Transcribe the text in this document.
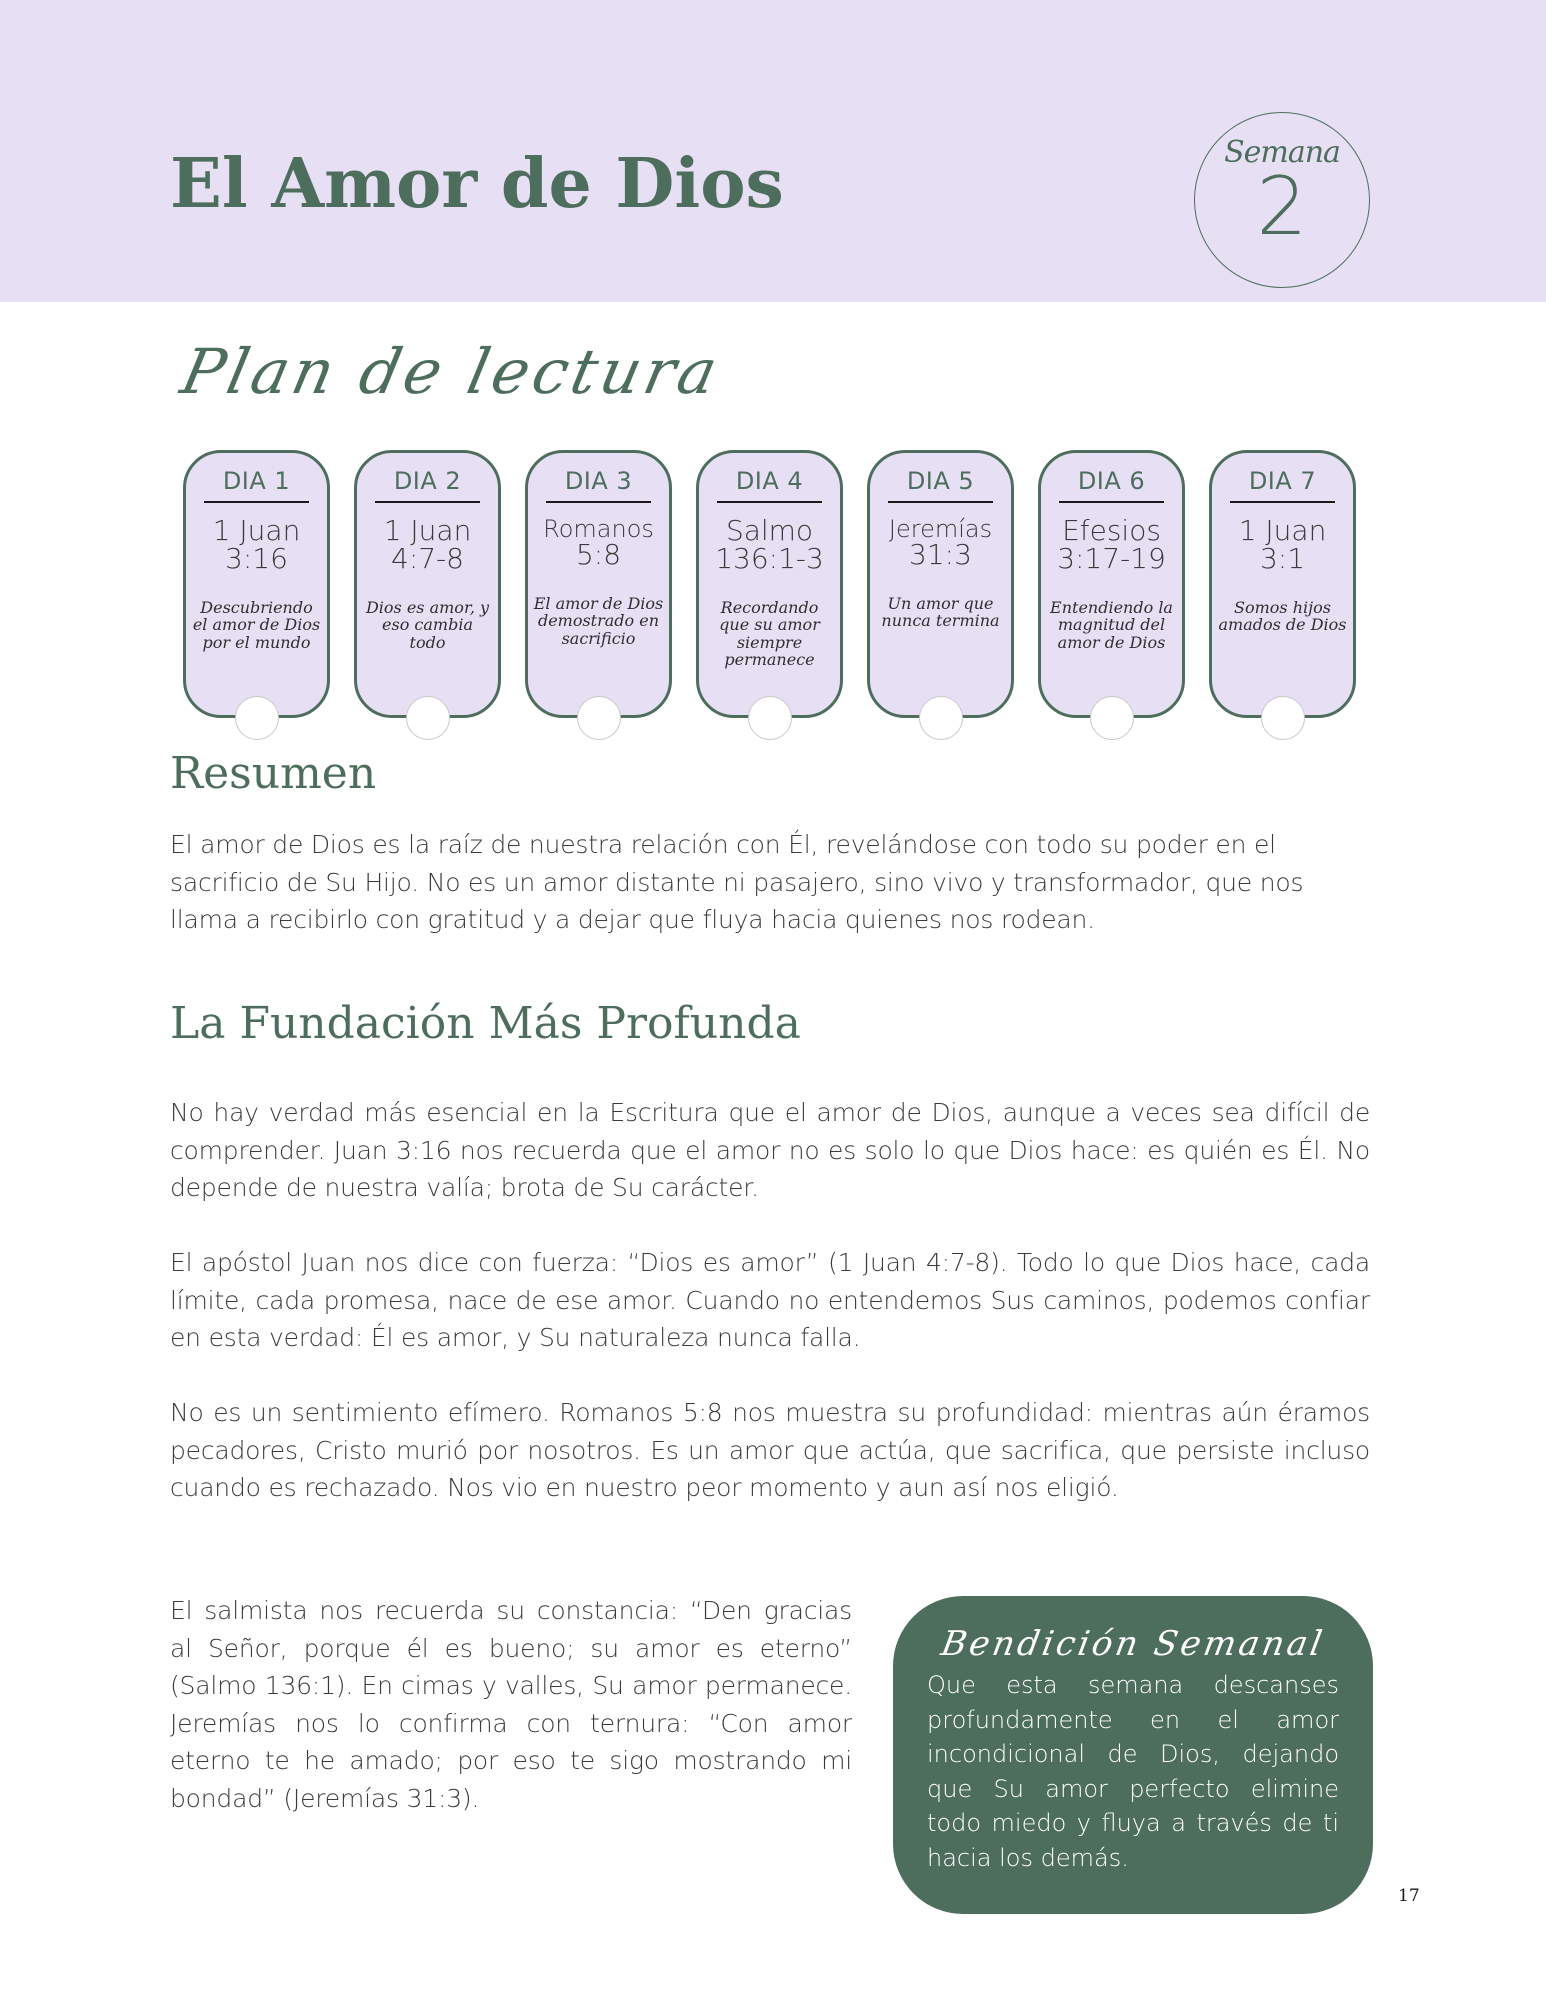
El Amor de Dios	Semana
2
Plan de lectura
DIA 1
1 Juan
3:16
Descubriendo el amor de Dios por el mundo
DIA 2
1 Juan
4:7-8
Dios es amor, y eso cambia todo
DIA 3
Romanos
5:8
El amor de Dios demostrado en sacrificio
DIA 4
Salmo
136:1-3
Recordando que su amor siempre permanece
DIA 5
Jeremías
31:3
Un amor que nunca termina
DIA 6
Efesios
3:17-19
Entendiendo la magnitud del amor de Dios
DIA 7
1 Juan
3:1
Somos hijos amados de Dios
Resumen

El amor de Dios es la raíz de nuestra relación con Él, revelándose con todo su poder en el sacrificio de Su Hijo. No es un amor distante ni pasajero, sino vivo y transformador, que nos llama a recibirlo con gratitud y a dejar que fluya hacia quienes nos rodean.

La Fundación Más Profunda

No hay verdad más esencial en la Escritura que el amor de Dios, aunque a veces sea difícil de comprender. Juan 3:16 nos recuerda que el amor no es solo lo que Dios hace: es quién es Él. No depende de nuestra valía; brota de Su carácter.

El apóstol Juan nos dice con fuerza: “Dios es amor” (1 Juan 4:7-8). Todo lo que Dios hace, cada límite, cada promesa, nace de ese amor. Cuando no entendemos Sus caminos, podemos confiar en esta verdad: Él es amor, y Su naturaleza nunca falla.

No es un sentimiento efímero. Romanos 5:8 nos muestra su profundidad: mientras aún éramos pecadores, Cristo murió por nosotros. Es un amor que actúa, que sacrifica, que persiste incluso cuando es rechazado. Nos vio en nuestro peor momento y aun así nos eligió.

El salmista nos recuerda su constancia: “Den gracias al Señor, porque él es bueno; su amor es eterno” (Salmo 136:1). En cimas y valles, Su amor permanece. Jeremías nos lo confirma con ternura: “Con amor eterno te he amado; por eso te sigo mostrando mi bondad” (Jeremías 31:3).

Bendición Semanal
Que esta semana descanses profundamente en el amor incondicional de Dios, dejando que Su amor perfecto elimine todo miedo y fluya a través de ti hacia los demás.
17
